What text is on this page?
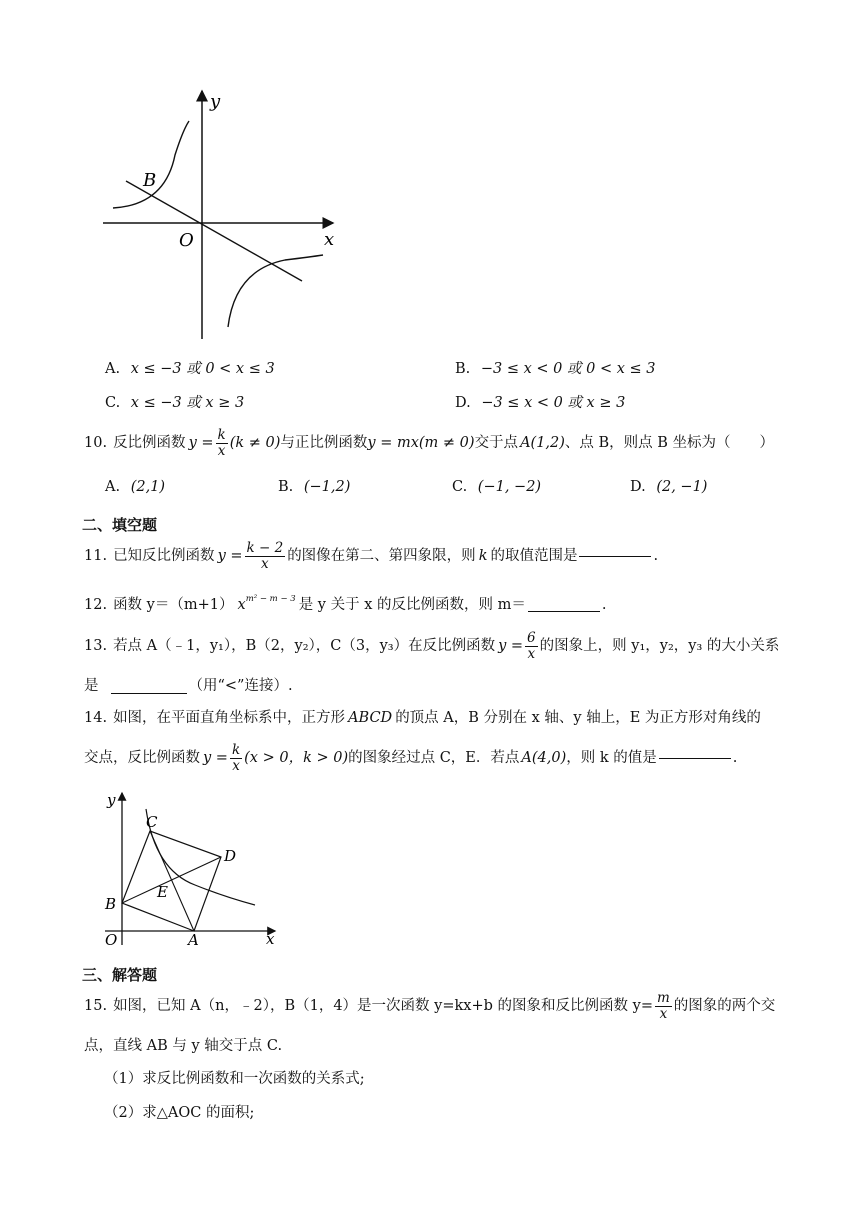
y
x
O
B
A. x ≤ −3 或 0 < x ≤ 3	B. −3 ≤ x < 0 或 0 < x ≤ 3
C. x ≤ −3 或 x ≥ 3	D. −3 ≤ x < 0 或 x ≥ 3
10. 反比例函数 $y = \frac{k}{x} (k \ne 0)$ 与正比例函数 y = mx(m ≠ 0) 交于点 A(1,2) 、点 B，则点 B 坐标为（　　）
A. (2,1)	B. (−1,2)	C. (−1, −2)	D. (2, −1)
二、填空题
11. 已知反比例函数 $y = \frac{k - 2}{x}$ 的图像在第二、第四象限，则 k 的取值范围是	.
12. 函数 y＝（m+1） x m² − m − 3 是 y 关于 x 的反比例函数，则 m＝	.
13. 若点 A（﹣1，y₁），B（2，y₂），C（3，y₃）在反比例函数 $y = \frac{6}{x}$ 的图象上，则 y₁，y₂，y₃ 的大小关系
是	（用“<”连接）.
14. 如图，在平面直角坐标系中，正方形 ABCD 的顶点 A，B 分别在 x 轴、y 轴上，E 为正方形对角线的
交点，反比例函数 $y = \frac{k}{x} (x > 0$，k > 0) 的图象经过点 C，E．若点 A(4,0) ，则 k 的值是	.
y
x
O	A
B
C
D
E
三、解答题
15. 如图，已知 A（n，﹣2），B（1，4）是一次函数 y=kx+b 的图象和反比例函数 $y= \frac{m}{x}$ 的图象的两个交
点，直线 AB 与 y 轴交于点 C.
（1）求反比例函数和一次函数的关系式;
（2）求△AOC 的面积;
